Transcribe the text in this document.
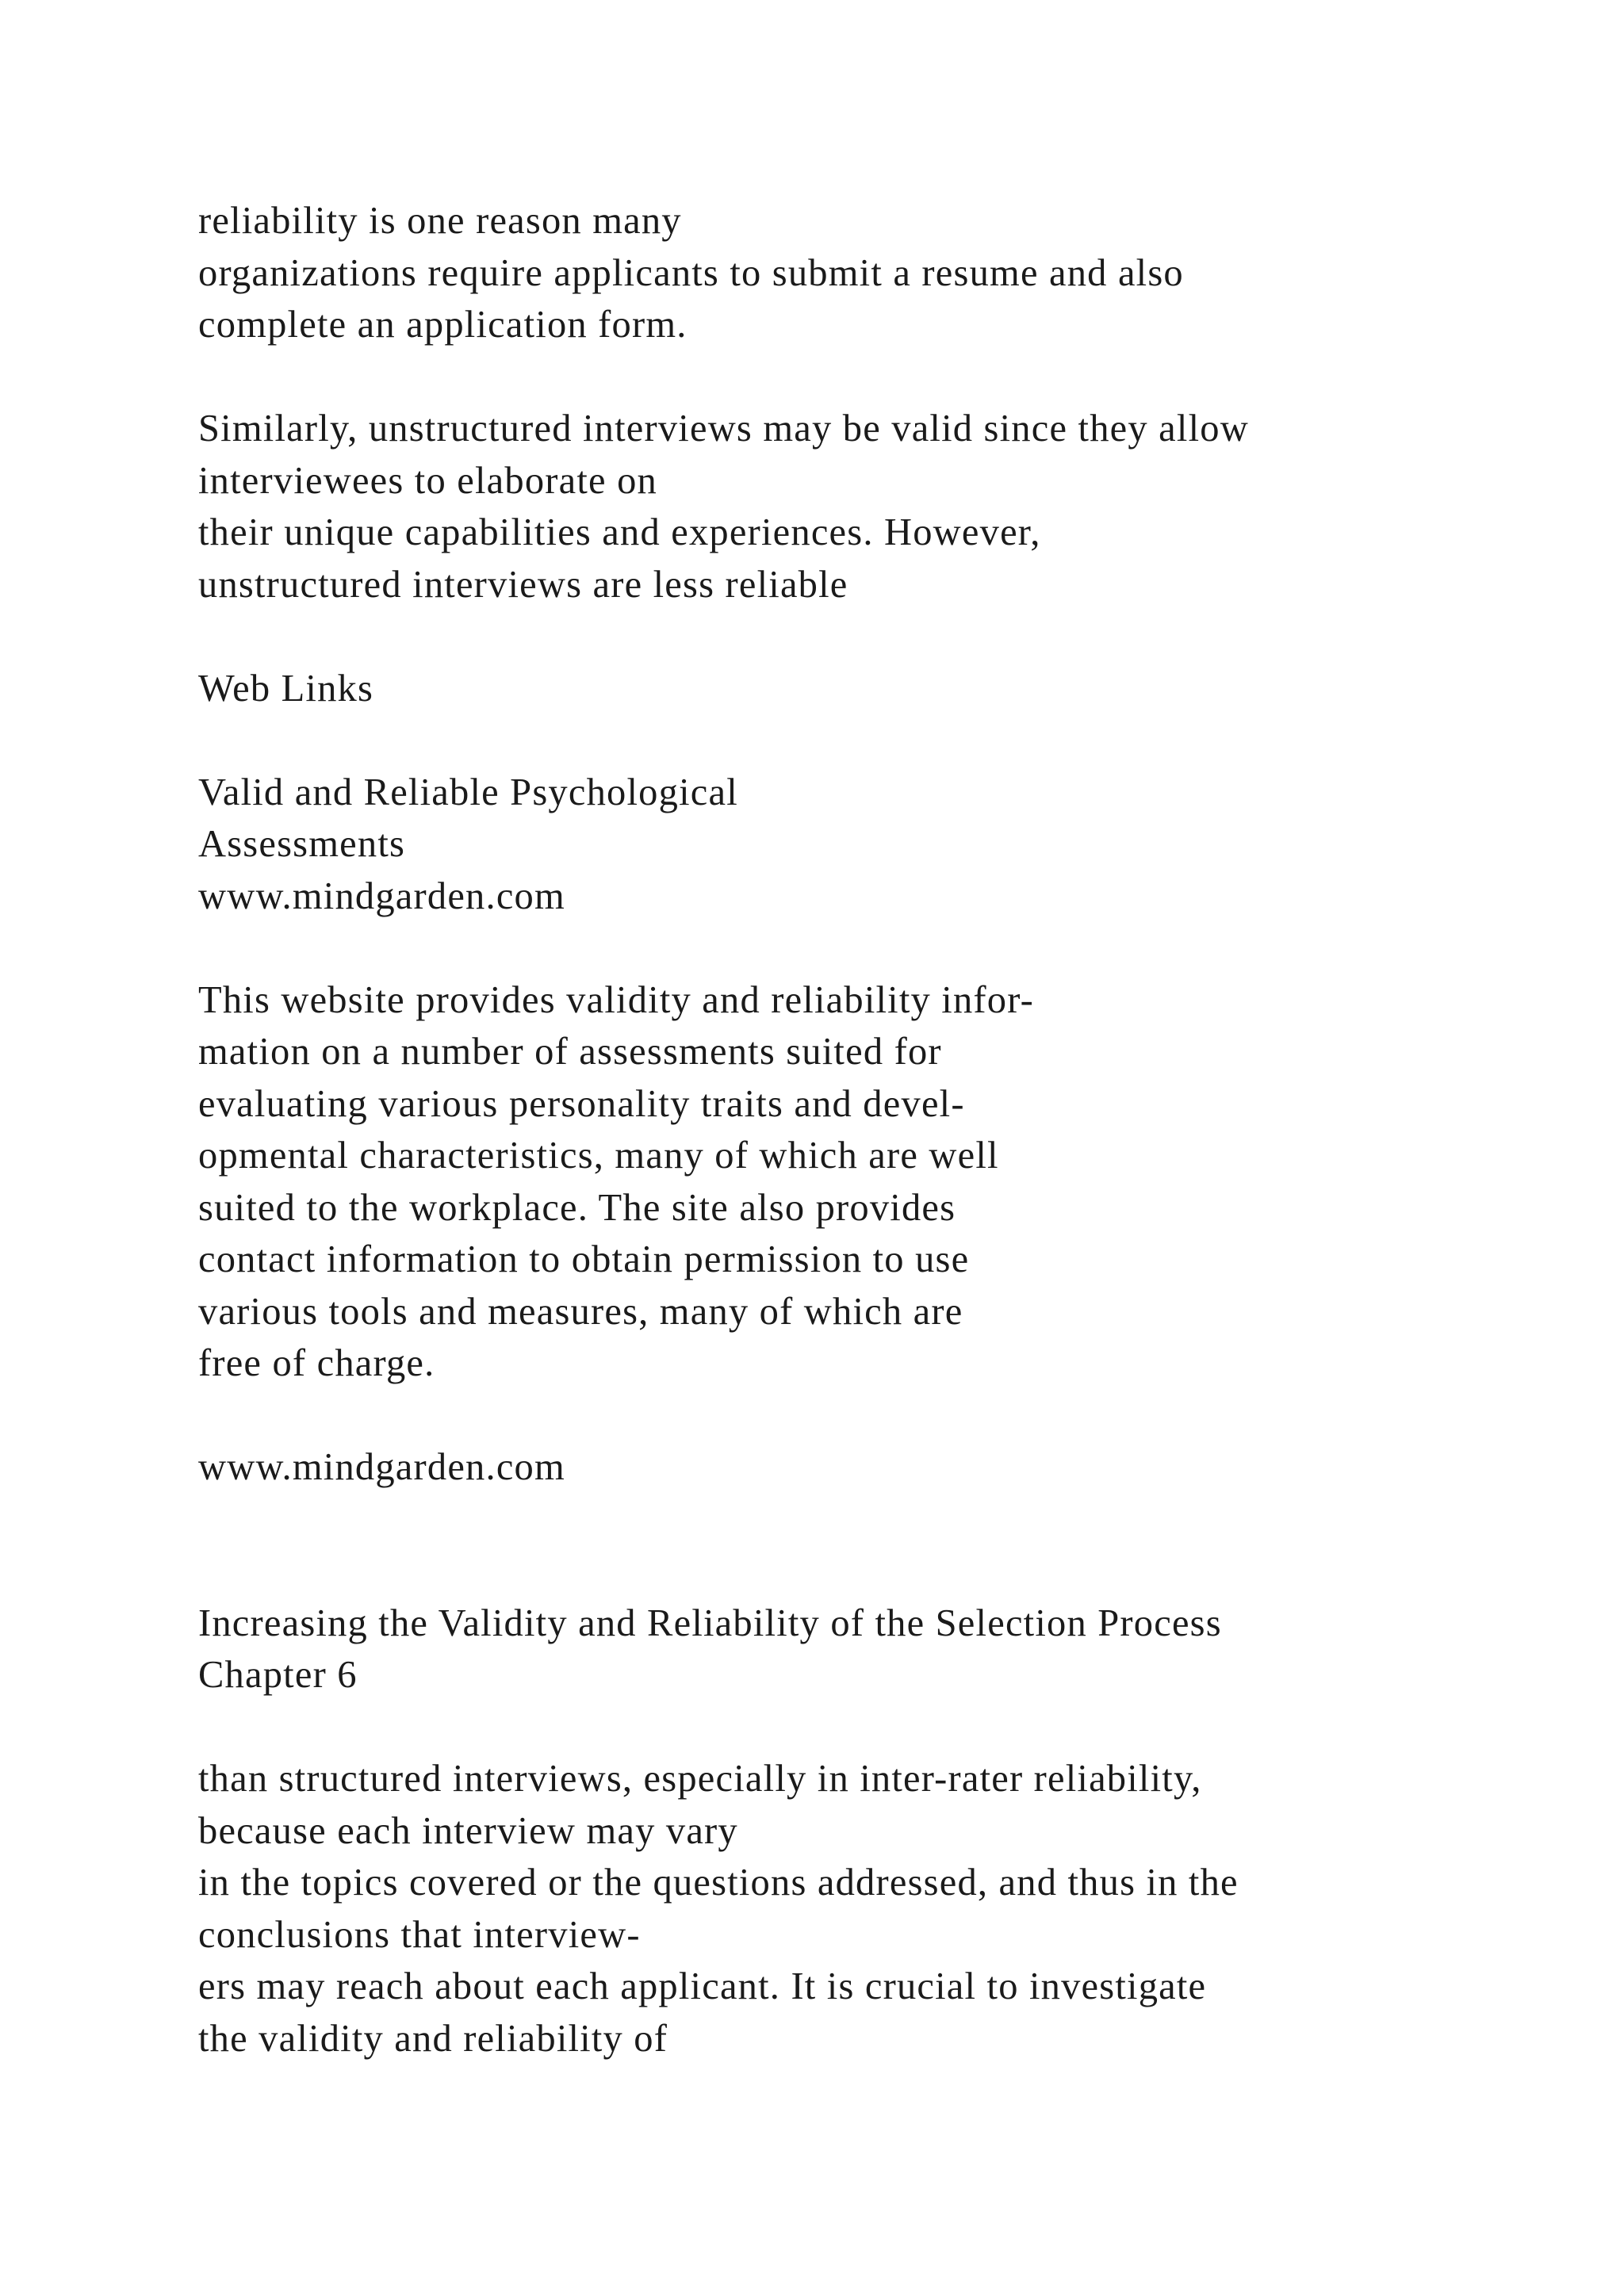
reliability is one reason many
organizations require applicants to submit a resume and also
complete an application form.

Similarly, unstructured interviews may be valid since they allow
interviewees to elaborate on
their unique capabilities and experiences. However,
unstructured interviews are less reliable

Web Links

Valid and Reliable Psychological
Assessments
www.mindgarden.com

This website provides validity and reliability infor-
mation on a number of assessments suited for
evaluating various personality traits and devel-
opmental characteristics, many of which are well
suited to the workplace. The site also provides
contact information to obtain permission to use
various tools and measures, many of which are
free of charge.

www.mindgarden.com

Increasing the Validity and Reliability of the Selection Process
Chapter 6

than structured interviews, especially in inter-rater reliability,
because each interview may vary
in the topics covered or the questions addressed, and thus in the
conclusions that interview-
ers may reach about each applicant. It is crucial to investigate
the validity and reliability of
